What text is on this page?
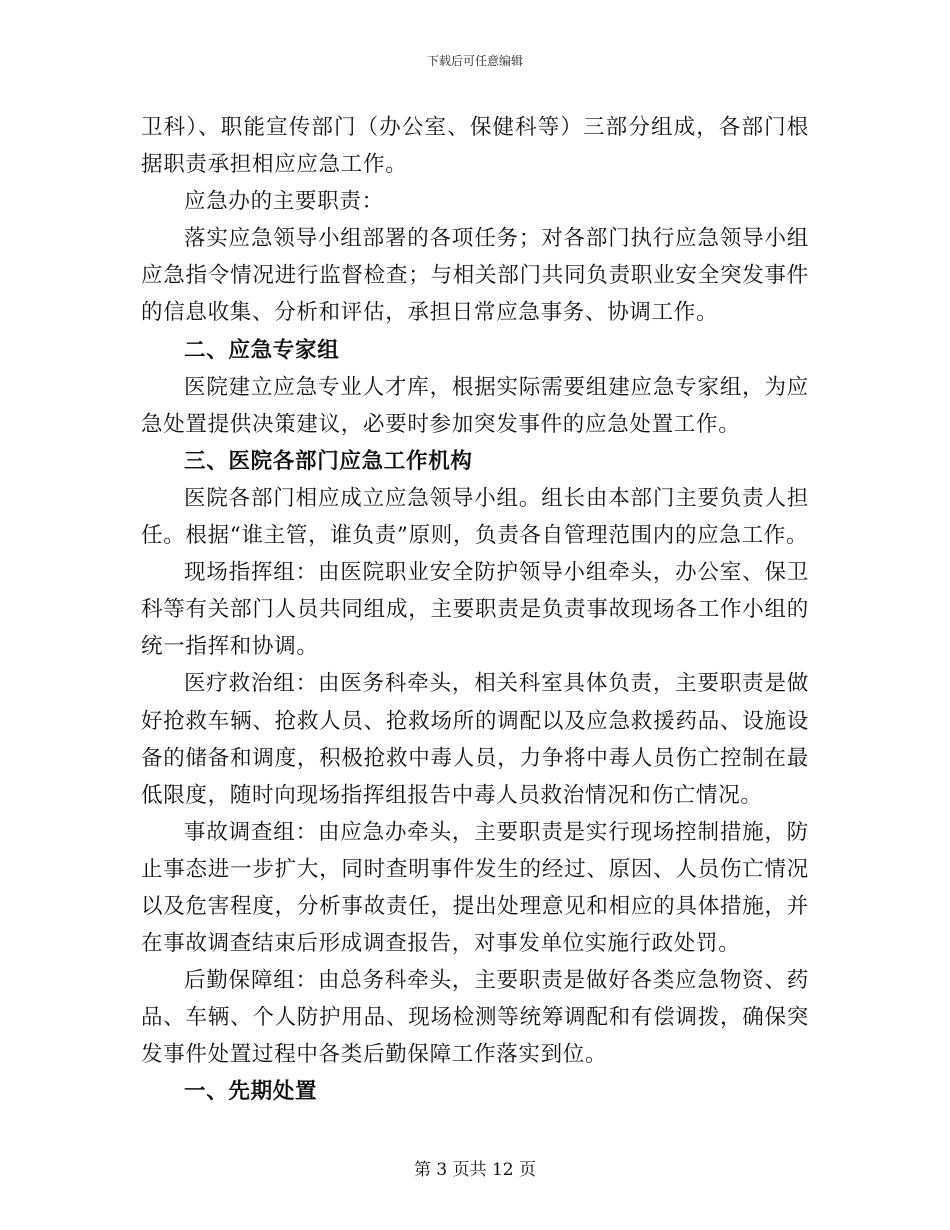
下载后可任意编辑

卫科）、职能宣传部门（办公室、保健科等）三部分组成，各部门根据职责承担相应应急工作。

应急办的主要职责：

落实应急领导小组部署的各项任务；对各部门执行应急领导小组应急指令情况进行监督检查；与相关部门共同负责职业安全突发事件的信息收集、分析和评估，承担日常应急事务、协调工作。

二、应急专家组

医院建立应急专业人才库，根据实际需要组建应急专家组，为应急处置提供决策建议，必要时参加突发事件的应急处置工作。

三、医院各部门应急工作机构

医院各部门相应成立应急领导小组。组长由本部门主要负责人担任。根据“谁主管，谁负责”原则，负责各自管理范围内的应急工作。

现场指挥组：由医院职业安全防护领导小组牵头，办公室、保卫科等有关部门人员共同组成，主要职责是负责事故现场各工作小组的统一指挥和协调。

医疗救治组：由医务科牵头，相关科室具体负责，主要职责是做好抢救车辆、抢救人员、抢救场所的调配以及应急救援药品、设施设备的储备和调度，积极抢救中毒人员，力争将中毒人员伤亡控制在最低限度，随时向现场指挥组报告中毒人员救治情况和伤亡情况。

事故调查组：由应急办牵头，主要职责是实行现场控制措施，防止事态进一步扩大，同时查明事件发生的经过、原因、人员伤亡情况以及危害程度，分析事故责任，提出处理意见和相应的具体措施，并在事故调查结束后形成调查报告，对事发单位实施行政处罚。

后勤保障组：由总务科牵头，主要职责是做好各类应急物资、药品、车辆、个人防护用品、现场检测等统筹调配和有偿调拨，确保突发事件处置过程中各类后勤保障工作落实到位。

一、先期处置

第 3 页共 12 页
